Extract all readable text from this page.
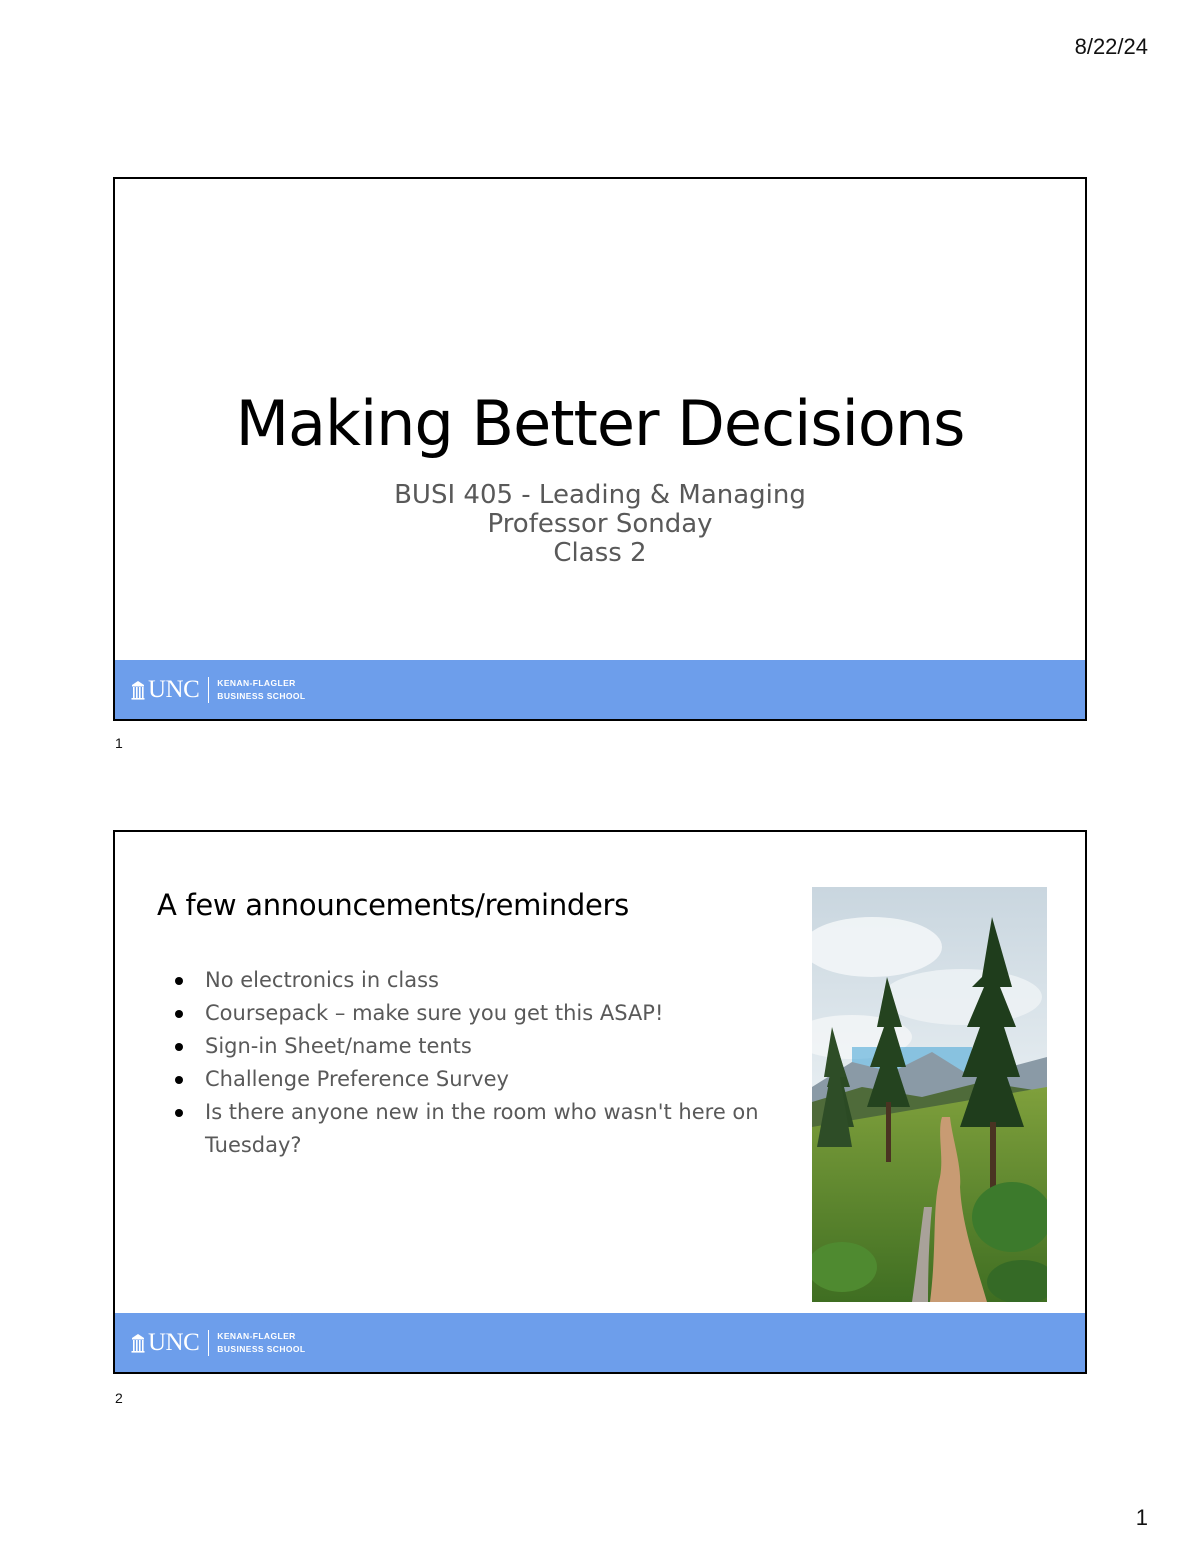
8/22/24
Making Better Decisions
BUSI 405 - Leading & Managing
Professor Sonday
Class 2
UNC KENAN-FLAGLER
BUSINESS SCHOOL
1
A few announcements/reminders
No electronics in class
Coursepack – make sure you get this ASAP!
Sign-in Sheet/name tents
Challenge Preference Survey
Is there anyone new in the room who wasn't here on Tuesday?
UNC KENAN-FLAGLER
BUSINESS SCHOOL
2
1
